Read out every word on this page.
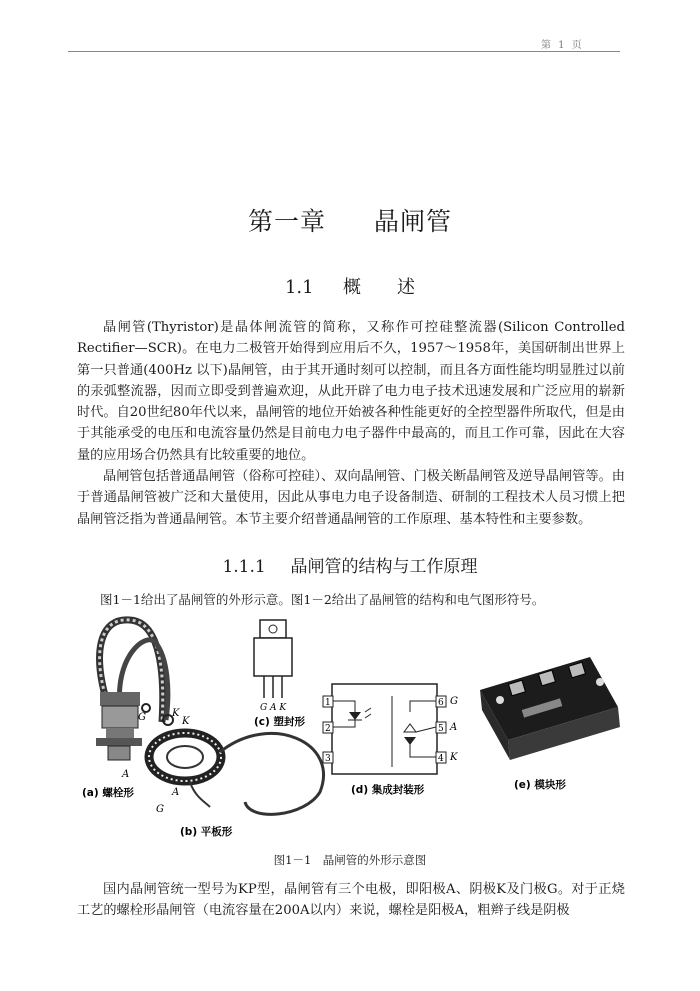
第 1 页
第一章 晶闸管
1.1 概　　述

晶闸管(Thyristor)是晶体闸流管的简称，又称作可控硅整流器(Silicon Controlled Rectifier—SCR)。在电力二极管开始得到应用后不久，1957～1958年，美国研制出世界上第一只普通(400Hz 以下)晶闸管，由于其开通时刻可以控制，而且各方面性能均明显胜过以前的汞弧整流器，因而立即受到普遍欢迎，从此开辟了电力电子技术迅速发展和广泛应用的崭新时代。自20世纪80年代以来，晶闸管的地位开始被各种性能更好的全控型器件所取代，但是由于其能承受的电压和电流容量仍然是目前电力电子器件中最高的，而且工作可靠，因此在大容量的应用场合仍然具有比较重要的地位。

晶闸管包括普通晶闸管（俗称可控硅）、双向晶闸管、门极关断晶闸管及逆导晶闸管等。由于普通晶闸管被广泛和大量使用，因此从事电力电子设备制造、研制的工程技术人员习惯上把晶闸管泛指为普通晶闸管。本节主要介绍普通晶闸管的工作原理、基本特性和主要参数。

1.1.1 晶闸管的结构与工作原理
图1－1给出了晶闸管的外形示意。图1－2给出了晶闸管的结构和电气图形符号。
A
G	K
K
(a) 螺栓形	A
G
(b) 平板形
G A K
(c) 塑封形
1
2
3
6
5
4
G
A
K
(d) 集成封装形	(e) 模块形
图1－1　晶闸管的外形示意图

国内晶闸管统一型号为KP型，晶闸管有三个电极，即阳极A、阴极K及门极G。对于正烧工艺的螺栓形晶闸管（电流容量在200A以内）来说，螺栓是阳极A，粗辫子线是阴极
